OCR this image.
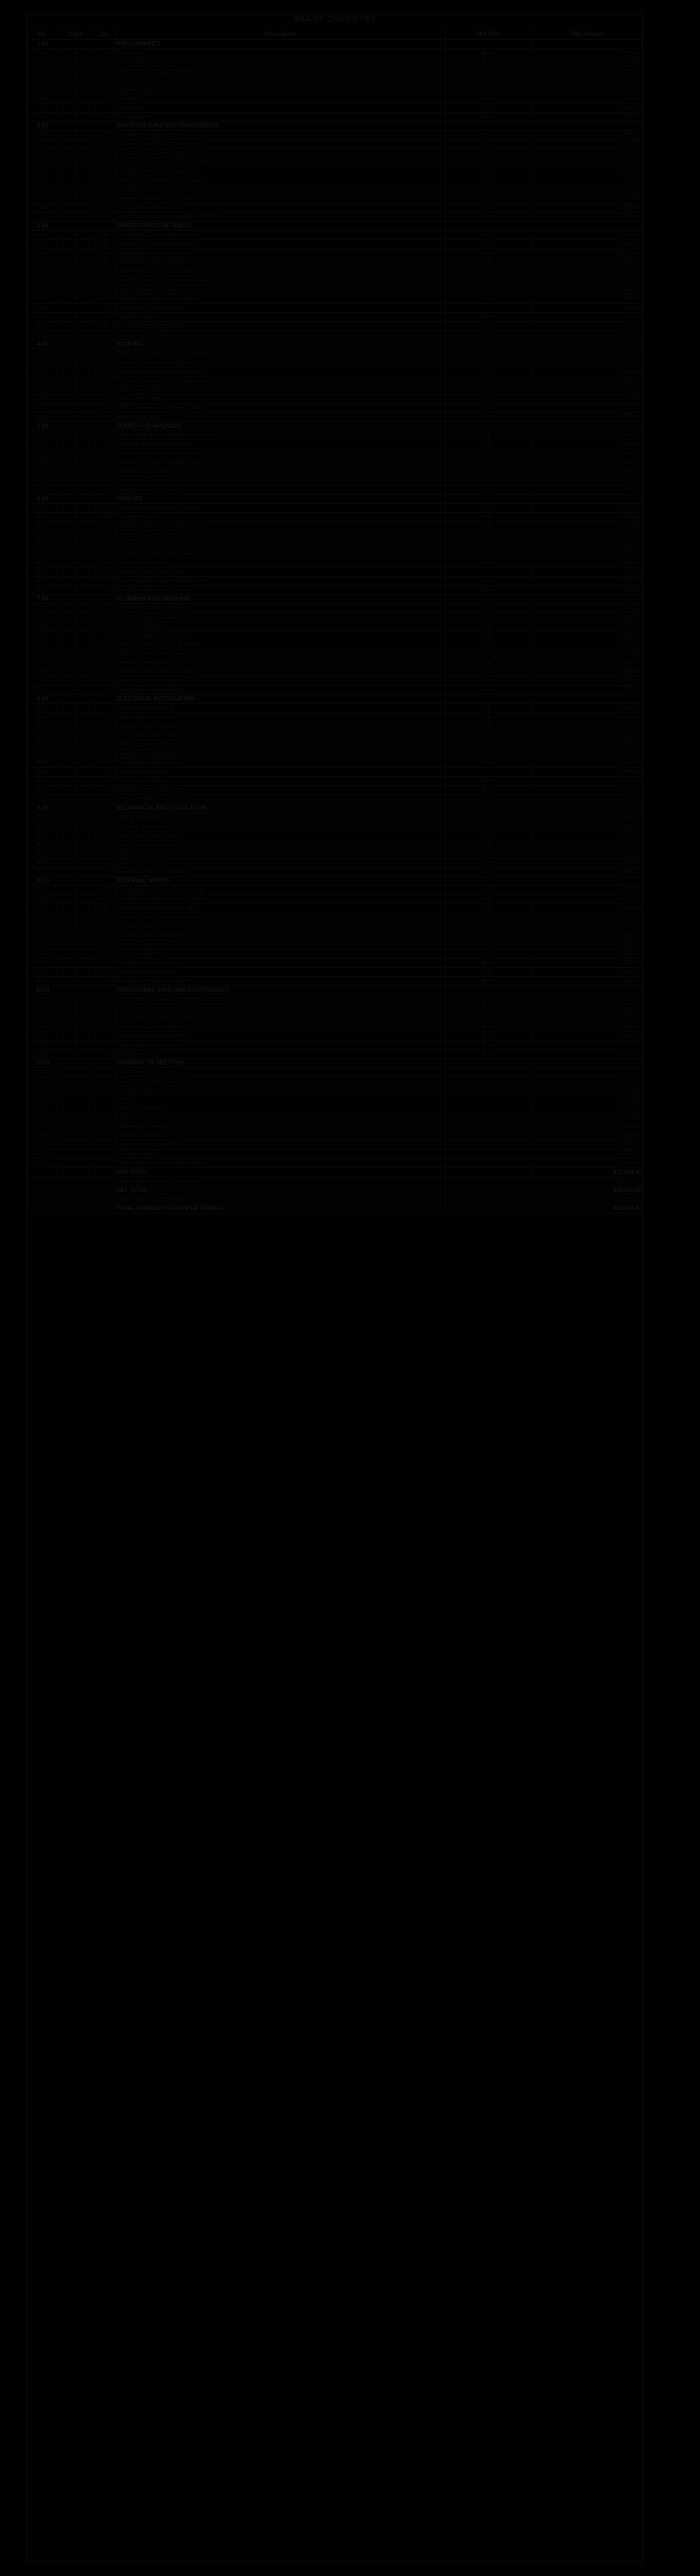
BILL OF QUANTITIES
No.	Code	Qty	Description	Unit Rate	Total Amount
1.00			PRELIMINARIES		
1.01	A	1	Site set up	Item	1,250.00
1.02	B	1	Insurances	Item	980.00
1.03	C	1	Temporary fencing and hoarding	Item	2,430.00
1.04	D	1	Site office	Item	1,120.00
1.05	E	1	Welfare facilities	Item	860.00
1.06	F	1	Signage	Item	310.00
1.07	G	1	Scaffolding	Item	3,640.00
1.08	H	1	Site clearance	Item	740.00
2.00			SUBSTRUCTURE AND FOUNDATIONS		
2.01	A	126	Excavate to reduce levels	m3	1,890.00
2.02	B	48	Excavate trenches for foundations	m3	1,344.00
2.03	C	62	Disposal of excavated material	m3	1,054.00
2.04	D	44	Mass concrete grade C20 in foundations	m3	5,280.00
2.05	E	182	Hardcore filling and compaction	m2	1,456.00
2.06	F	182	Damp proof membrane 1200 gauge	m2	546.00
2.07	G	182	Ground slab 150mm thick	m2	4,550.00
2.08	H	2,640	Reinforcement bars high tensile	kg	3,432.00
2.09	J	96	Formwork to edges of slab	m2	1,920.00
2.10	K	1	Backfill and compact around foundations	Item	870.00
3.00			SUPERSTRUCTURE WALLS		
3.01	A	318	Blockwork 200mm external walls	m2	9,540.00
3.02	B	242	Blockwork 150mm internal walls	m2	5,808.00
3.03	C	86	Reinforced concrete columns	m3	10,320.00
3.04	D	58	Reinforced concrete beams	m3	6,960.00
3.05	E	214	Formwork to columns and beams	m2	5,350.00
3.06	F	4,180	Reinforcement to columns and beams	kg	5,434.00
3.07	G	12	Lintels precast concrete	Nr	960.00
3.08	H	186	Wall ties and reinforcement mesh	m	558.00
3.09	J	64	Damp proof course in walls	m	384.00
3.10	K	1	Expansion joints	Item	620.00
3.11	L	28	Blockwork to parapet walls	m2	840.00
3.12	M	1	Sundry builders work	Item	1,240.00
4.00			ROOFING		
4.01	A	196	Roof slab 175mm reinforced concrete	m2	7,840.00
4.02	B	196	Screed to falls average 75mm	m2	2,744.00
4.03	C	196	Waterproofing membrane two layer	m2	5,096.00
4.04	D	196	Thermal insulation 50mm rigid board	m2	2,352.00
4.05	E	62	Aluminium roof edge trim	m	930.00
4.06	F	8	Rainwater outlets	Nr	640.00
4.07	G	74	uPVC rainwater downpipes 110mm	m	1,110.00
4.08	H	1	Roof access hatch	Nr	780.00
5.00			DOORS AND WINDOWS		
5.01	A	18	Timber flush doors complete with frames	Nr	5,400.00
5.02	B	4	Steel fire doors one hour rating	Nr	3,200.00
5.03	C	2	Aluminium entrance doors glazed	Nr	4,600.00
5.04	D	86	Aluminium windows double glazed	m2	12,900.00
5.05	E	24	Window sills precast	Nr	1,080.00
5.06	F	1	Ironmongery allowance	Item	2,450.00
5.07	G	1	Glazing mastic and beads	Item	680.00
6.00			FINISHES		
6.01	A	560	Cement and sand plaster to walls	m2	6,720.00
6.02	B	196	Plaster to soffits	m2	2,744.00
6.03	C	560	Emulsion paint three coats to walls	m2	3,360.00
6.04	D	196	Emulsion paint to ceilings	m2	1,176.00
6.05	E	142	Ceramic floor tiles 600x600	m2	5,680.00
6.06	F	48	Ceramic wall tiles to wet areas	m2	1,920.00
6.07	G	54	Vinyl sheet flooring	m2	1,620.00
6.08	H	118	Skirting to match floor finish	m	708.00
6.09	J	196	Suspended ceiling mineral fibre tiles	m2	5,880.00
6.10	K	1	Painting to doors and frames	Item	940.00
7.00			PLUMBING AND DRAINAGE		
7.01	A	12	Wash hand basins complete	Nr	2,400.00
7.02	B	10	WC suites close coupled	Nr	3,000.00
7.03	C	4	Stainless steel sinks	Nr	1,200.00
7.04	D	2	Water storage tank 2000 litre	Nr	2,800.00
7.05	E	186	Copper pipework 15mm to 28mm	m	2,790.00
7.06	F	142	uPVC soil and waste pipework	m	1,988.00
7.07	G	8	Inspection chambers	Nr	3,200.00
7.08	H	96	Drainage pipes 150mm in trench	m	2,880.00
7.09	J	1	Connection to main sewer	Item	1,650.00
7.10	K	1	Testing and commissioning	Item	720.00
8.00			ELECTRICAL INSTALLATION		
8.01	A	1	Main distribution board	Nr	3,400.00
8.02	B	6	Sub distribution boards	Nr	4,800.00
8.03	C	124	Lighting points complete	Nr	6,200.00
8.04	D	98	Socket outlets twin switched	Nr	3,920.00
8.05	E	42	Switches one and two gang	Nr	840.00
8.06	F	820	Cabling and containment	m	6,560.00
8.07	G	18	Emergency lighting units	Nr	2,160.00
8.08	H	24	Fire alarm detectors	Nr	2,880.00
8.09	J	1	Earthing and bonding	Item	1,480.00
8.10	K	1	Data and telephone outlets	Item	2,640.00
8.11	L	1	Testing certification and handover	Item	980.00
9.00			MECHANICAL AND VENTILATION		
9.01	A	8	Split air conditioning units	Nr	9,600.00
9.02	B	62	Ductwork galvanised steel	m	4,340.00
9.03	C	26	Supply and extract grilles	Nr	1,560.00
9.04	D	6	Extract fans to wet areas	Nr	900.00
9.05	E	1	Controls and thermostats	Item	1,840.00
9.06	F	1	Insulation to ductwork	Item	1,120.00
9.07	G	1	Balancing and commissioning	Item	1,380.00
10.00			EXTERNAL WORKS		
10.01	A	420	Excavation and formation to paving	m2	3,360.00
10.02	B	420	Sub base granular material 200mm	m2	4,200.00
10.03	C	310	Tarmacadam surfacing to roads	m2	6,200.00
10.04	D	110	Concrete paving slabs to footpaths	m2	2,750.00
10.05	E	168	Precast concrete kerbs	m	2,520.00
10.06	F	96	Boundary wall 1800mm high	m	7,680.00
10.07	G	2	Entrance gates steel	Nr	3,600.00
10.08	H	260	Topsoil and turfing	m2	1,560.00
10.09	J	1	Planting and landscaping	Item	2,240.00
10.10	K	12	External lighting columns	Nr	4,800.00
10.11	L	1	Road markings and signage	Item	860.00
11.00			PROVISIONAL SUMS AND CONTINGENCY		
11.01	A	1	Provisional sum statutory authority charges	Sum	5,000.00
11.02	B	1	Provisional sum builders work in connection	Sum	3,500.00
11.03	C	1	Provisional sum specialist finishes	Sum	4,000.00
11.04	D	1	Daywork labour allowance	Sum	2,500.00
11.05	E	1	Daywork materials allowance	Sum	1,800.00
11.06	F	1	Daywork plant allowance	Sum	1,200.00
11.07	G	1	Contingency sum	Sum	12,000.00
12.00			SUMMARY OF SECTIONS		
12.01			Preliminaries		11,330.00
12.02			Substructure and foundations		21,922.00
12.03			Superstructure walls		48,014.00
12.04			Roofing		21,492.00
12.05			Doors and windows		30,310.00
12.06			Finishes		30,748.00
12.07			Plumbing and drainage		22,628.00
12.08			Electrical installation		35,860.00
12.09			Mechanical and ventilation		20,740.00
12.10			External works		39,770.00
12.11			Provisional sums and contingency		30,000.00
			SUB TOTAL		312,814.00
			Overheads and profit 12 percent		37,537.68
			NET TOTAL		350,351.68
			Value added tax 15 percent		52,552.75
			TOTAL CARRIED TO FORM OF TENDER		402,904.43
